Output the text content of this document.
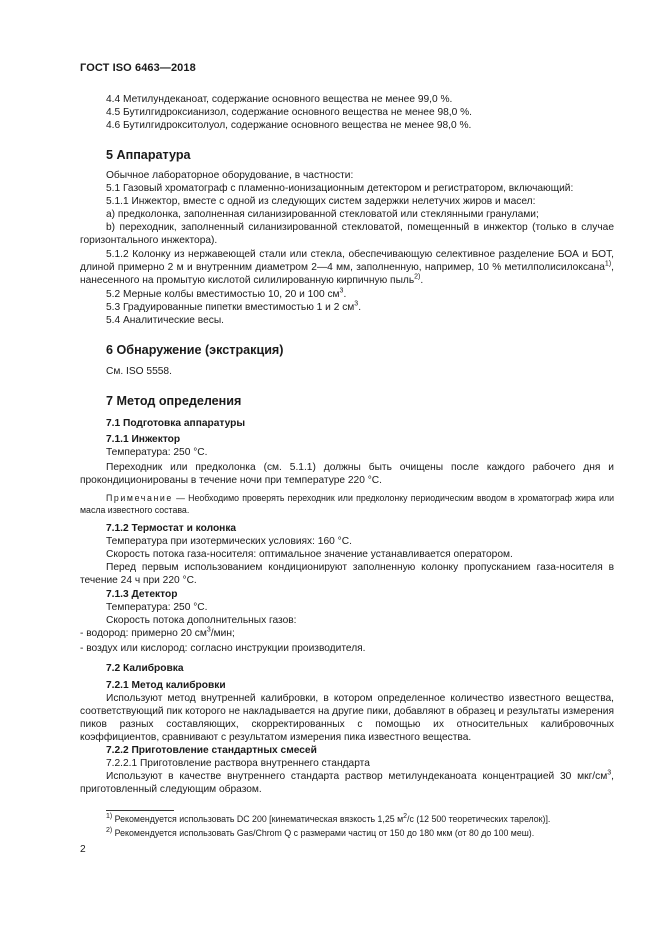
ГОСТ ISO 6463—2018

4.4 Метилундеканоат, содержание основного вещества не менее 99,0 %.

4.5 Бутилгидроксианизол, содержание основного вещества не менее 98,0 %.

4.6 Бутилгидрокситолуол, содержание основного вещества не менее 98,0 %.

5 Аппаратура

Обычное лабораторное оборудование, в частности:

5.1 Газовый хроматограф с пламенно-ионизационным детектором и регистратором, включающий:

5.1.1 Инжектор, вместе с одной из следующих систем задержки нелетучих жиров и масел:

а) предколонка, заполненная силанизированной стекловатой или стеклянными гранулами;

b) переходник, заполненный силанизированной стекловатой, помещенный в инжектор (только в случае горизонтального инжектора).

5.1.2 Колонку из нержавеющей стали или стекла, обеспечивающую селективное разделение БОА и БОТ, длиной примерно 2 м и внутренним диаметром 2—4 мм, заполненную, например, 10 % метилполисилоксана$^{1)}$, нанесенного на промытую кислотой силилированную кирпичную пыль$^{2)}$.

5.2 Мерные колбы вместимостью 10, 20 и 100 $см^3$.

5.3 Градуированные пипетки вместимостью 1 и 2 $см^3$.

5.4 Аналитические весы.

6 Обнаружение (экстракция)

См. ISO 5558.

7 Метод определения
7.1 Подготовка аппаратуры
7.1.1 Инжектор

Температура: 250 °C.

Переходник или предколонка (см. 5.1.1) должны быть очищены после каждого рабочего дня и прокондиционированы в течение ночи при температуре 220 °C.

Примечание — Необходимо проверять переходник или предколонку периодическим вводом в хроматограф жира или масла известного состава.

7.1.2 Термостат и колонка

Температура при изотермических условиях: 160 °C.

Скорость потока газа-носителя: оптимальное значение устанавливается оператором.

Перед первым использованием кондиционируют заполненную колонку пропусканием газа-носителя в течение 24 ч при 220 °C.

7.1.3 Детектор

Температура: 250 °C.

Скорость потока дополнительных газов:

- водород: примерно 20 $см^3$/мин;

- воздух или кислород: согласно инструкции производителя.

7.2 Калибровка
7.2.1 Метод калибровки

Используют метод внутренней калибровки, в котором определенное количество известного вещества, соответствующий пик которого не накладывается на другие пики, добавляют в образец и результаты измерения пиков разных составляющих, скорректированных с помощью их относительных калибровочных коэффициентов, сравнивают с результатом измерения пика известного вещества.

7.2.2 Приготовление стандартных смесей

7.2.2.1 Приготовление раствора внутреннего стандарта

Используют в качестве внутреннего стандарта раствор метилундеканоата концентрацией 30 мкг/$см^3$, приготовленный следующим образом.

$^{1)}$ Рекомендуется использовать DC 200 [кинематическая вязкость 1,25 $м^2/с$ (12 500 теоретических тарелок)].

$^{2)}$ Рекомендуется использовать Gas/Chrom Q с размерами частиц от 150 до 180 мкм (от 80 до 100 меш).

2
